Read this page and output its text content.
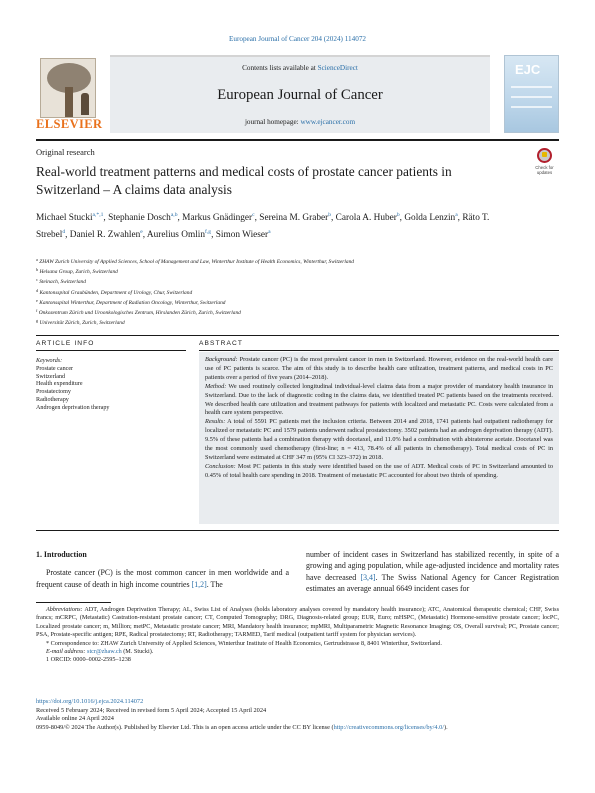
European Journal of Cancer 204 (2024) 114072
ELSEVIER
Contents lists available at ScienceDirect
European Journal of Cancer
journal homepage: www.ejcancer.com
EJC
Original research
Check for updates
Real-world treatment patterns and medical costs of prostate cancer patients in Switzerland – A claims data analysis
Michael Stucki$^{a,*,1}$, Stephanie Dosch$^{a,b}$, Markus Gnädinger$^c$, Sereina M. Graber$^b$, Carola A. Huber$^b$, Golda Lenzin$^a$, Räto T. Strebel$^d$, Daniel R. Zwahlen$^e$, Aurelius Omlin$^{f,g}$, Simon Wieser$^a$
$^a$ ZHAW Zurich University of Applied Sciences, School of Management and Law, Winterthur Institute of Health Economics, Winterthur, Switzerland
$^b$ Helsana Group, Zurich, Switzerland
$^c$ Steinach, Switzerland
$^d$ Kantonsspital Graubünden, Department of Urology, Chur, Switzerland
$^e$ Kantonsspital Winterthur, Department of Radiation Oncology, Winterthur, Switzerland
$^f$ Onkozentrum Zürich und Uroonkologisches Zentrum, Hirslanden Zürich, Zurich, Switzerland
$^g$ Universität Zürich, Zurich, Switzerland
ARTICLE INFO	ABSTRACT
Keywords:
Prostate cancer
Switzerland
Health expenditure
Prostatectomy
Radiotherapy
Androgen deprivation therapy

Background: Prostate cancer (PC) is the most prevalent cancer in men in Switzerland. However, evidence on the real-world health care use of PC patients is scarce. The aim of this study is to describe health care utilization, treatment patterns, and medical costs in PC patients over a period of five years (2014–2018).

Method: We used routinely collected longitudinal individual-level claims data from a major provider of mandatory health insurance in Switzerland. Due to the lack of diagnostic coding in the claims data, we identified treated PC patients based on the treatments received. We described health care utilization and treatment pathways for patients with localized and metastatic PC. Costs were calculated from a health care system perspective.

Results: A total of 5591 PC patients met the inclusion criteria. Between 2014 and 2018, 1741 patients had outpatient radiotherapy for localized or metastatic PC and 1579 patients underwent radical prostatectomy. 3502 patients had an androgen deprivation therapy (ADT). 9.5% of these patients had a combination therapy with docetaxel, and 11.0% had a combination with abiraterone acetate. Docetaxel was the most commonly used chemotherapy (first-line; n = 413, 78.4% of all patients in chemotherapy). Total medical costs of PC in Switzerland were estimated at CHF 347 m (95% CI 323–372) in 2018.

Conclusion: Most PC patients in this study were identified based on the use of ADT. Medical costs of PC in Switzerland amounted to 0.45% of total health care spending in 2018. Treatment of metastatic PC accounted for about two thirds of spending.

1. Introduction

Prostate cancer (PC) is the most common cancer in men worldwide and a frequent cause of death in high income countries [1,2]. The

number of incident cases in Switzerland has stabilized recently, in spite of a growing and aging population, while age-adjusted incidence and mortality rates have decreased [3,4]. The Swiss National Agency for Cancer Registration estimates an average annual 6649 incident cases for

Abbreviations: ADT, Androgen Deprivation Therapy; AL, Swiss List of Analyses (holds laboratory analyses covered by mandatory health insurance); ATC, Anatomical therapeutic chemical; CHF, Swiss francs; mCRPC, (Metastatic) Castration-resistant prostate cancer; CT, Computed Tomography; DRG, Diagnosis-related group; EUR, Euro; mHSPC, (Metastatic) Hormone-sensitive prostate cancer; locPC, Localized prostate cancer; m, Million; metPC, Metastatic prostate cancer; MRI, Mandatory health insurance; mpMRI, Multiparametric Magnetic Resonance Imaging; OS, Overall survival; PC, Prostate cancer; PSA, Prostate-specific antigen; RPE, Radical prostatectomy; RT, Radiotherapy; TARMED, Tarif medical (outpatient tariff system for physician services).

* Correspondence to: ZHAW Zurich University of Applied Sciences, Winterthur Institute of Health Economics, Gertrudstrasse 8, 8401 Winterthur, Switzerland.

E-mail address: stcr@zhaw.ch (M. Stucki).

1 ORCID: 0000–0002-2595–1238

https://doi.org/10.1016/j.ejca.2024.114072
Received 5 February 2024; Received in revised form 5 April 2024; Accepted 15 April 2024
Available online 24 April 2024
0959-8049/© 2024 The Author(s). Published by Elsevier Ltd. This is an open access article under the CC BY license (http://creativecommons.org/licenses/by/4.0/).
